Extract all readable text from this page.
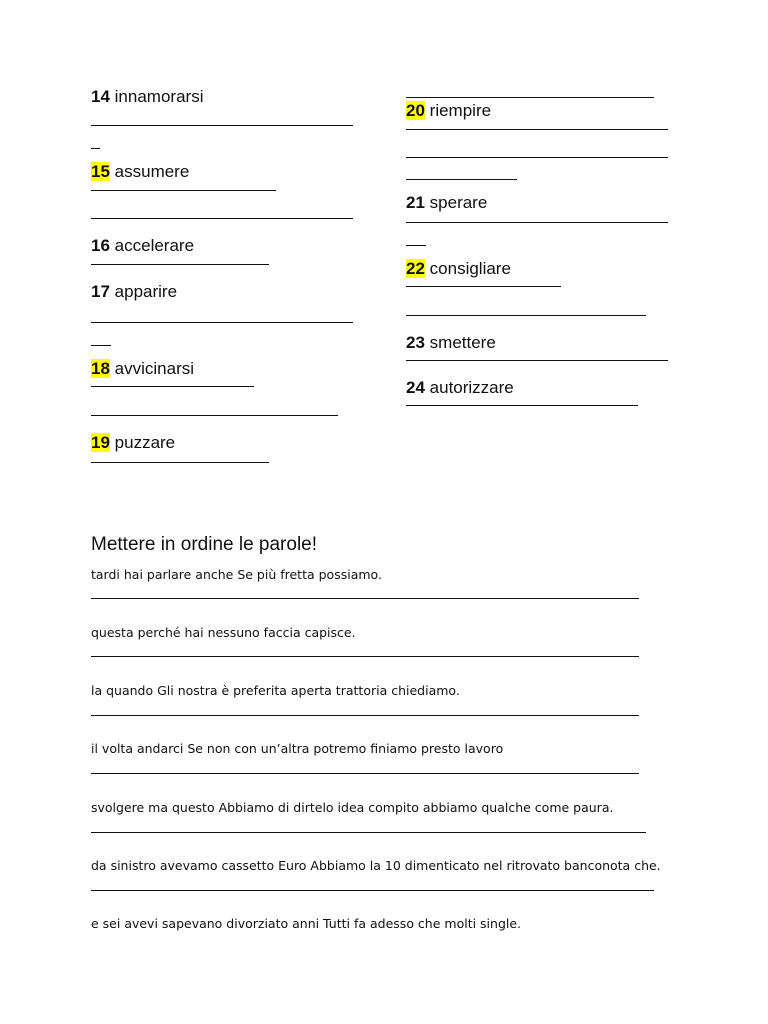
14 innamorarsi

15 assumere

16 accelerare

17 apparire

18 avvicinarsi

19 puzzare

20 riempire

21 sperare

22 consigliare

23 smettere

24 autorizzare

Mettere in ordine le parole!
tardi hai parlare anche Se più fretta possiamo.
questa perché hai nessuno faccia capisce.
la quando Gli nostra è preferita aperta trattoria chiediamo.
il volta andarci Se non con un’altra potremo finiamo presto lavoro
svolgere ma questo Abbiamo di dirtelo idea compito abbiamo qualche come paura.
da sinistro avevamo cassetto Euro Abbiamo la 10 dimenticato nel ritrovato banconota che.
e sei avevi sapevano divorziato anni Tutti fa adesso che molti single.
